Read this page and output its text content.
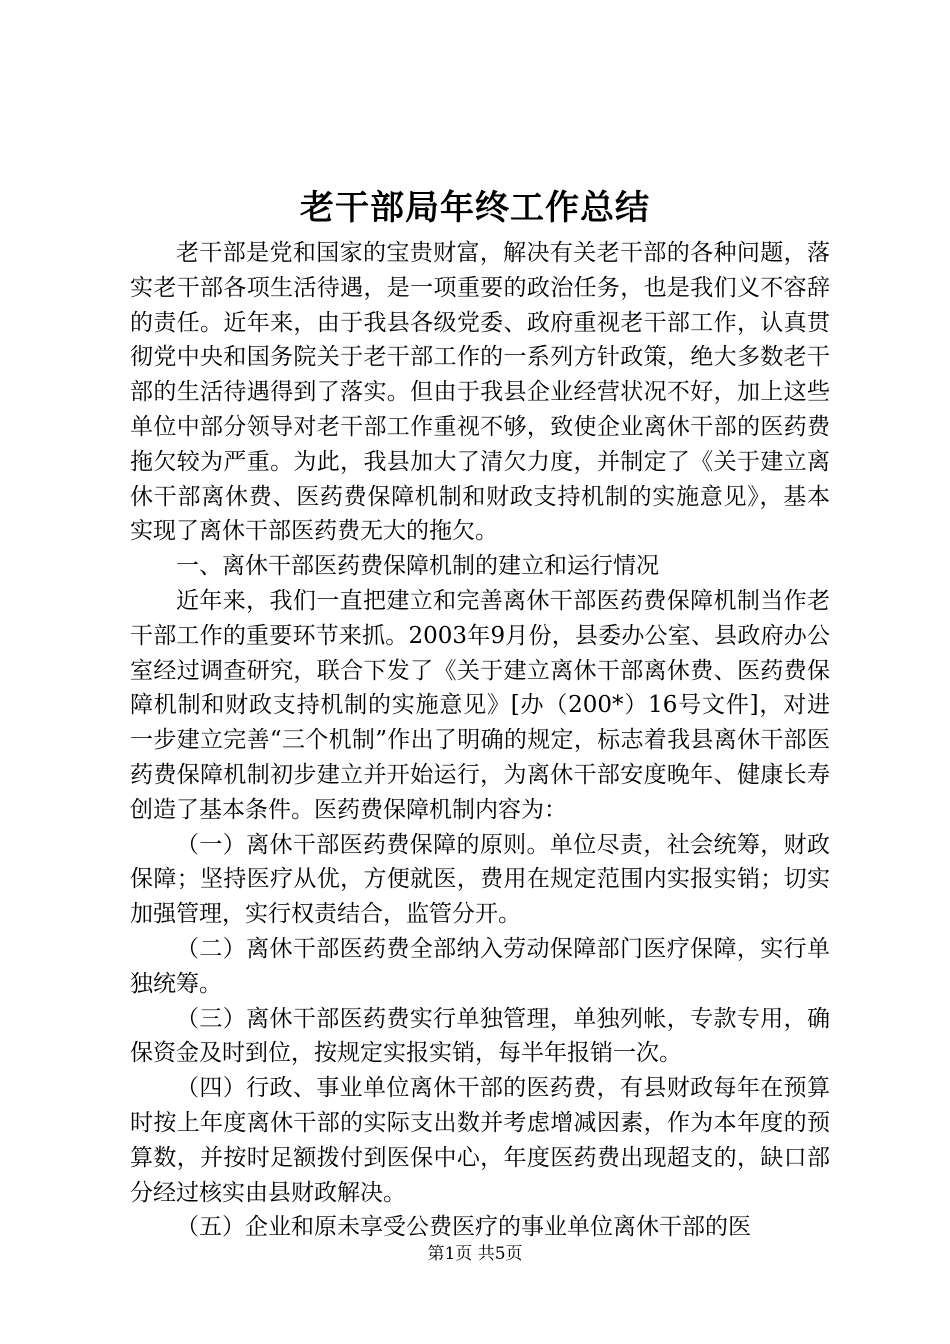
老干部局年终工作总结

老干部是党和国家的宝贵财富，解决有关老干部的各种问题，落实老干部各项生活待遇，是一项重要的政治任务，也是我们义不容辞的责任。近年来，由于我县各级党委、政府重视老干部工作，认真贯彻党中央和国务院关于老干部工作的一系列方针政策，绝大多数老干部的生活待遇得到了落实。但由于我县企业经营状况不好，加上这些单位中部分领导对老干部工作重视不够，致使企业离休干部的医药费拖欠较为严重。为此，我县加大了清欠力度，并制定了《关于建立离休干部离休费、医药费保障机制和财政支持机制的实施意见》，基本实现了离休干部医药费无大的拖欠。

一、离休干部医药费保障机制的建立和运行情况

近年来，我们一直把建立和完善离休干部医药费保障机制当作老干部工作的重要环节来抓。2003年9月份，县委办公室、县政府办公室经过调查研究，联合下发了《关于建立离休干部离休费、医药费保障机制和财政支持机制的实施意见》[办（200*）16号文件]，对进一步建立完善“三个机制”作出了明确的规定，标志着我县离休干部医药费保障机制初步建立并开始运行，为离休干部安度晚年、健康长寿创造了基本条件。医药费保障机制内容为：

（一）离休干部医药费保障的原则。单位尽责，社会统筹，财政保障；坚持医疗从优，方便就医，费用在规定范围内实报实销；切实加强管理，实行权责结合，监管分开。

（二）离休干部医药费全部纳入劳动保障部门医疗保障，实行单独统筹。

（三）离休干部医药费实行单独管理，单独列帐，专款专用，确保资金及时到位，按规定实报实销，每半年报销一次。

（四）行政、事业单位离休干部的医药费，有县财政每年在预算时按上年度离休干部的实际支出数并考虑增减因素，作为本年度的预算数，并按时足额拨付到医保中心，年度医药费出现超支的，缺口部分经过核实由县财政解决。

（五）企业和原未享受公费医疗的事业单位离休干部的医

第1页 共5页
